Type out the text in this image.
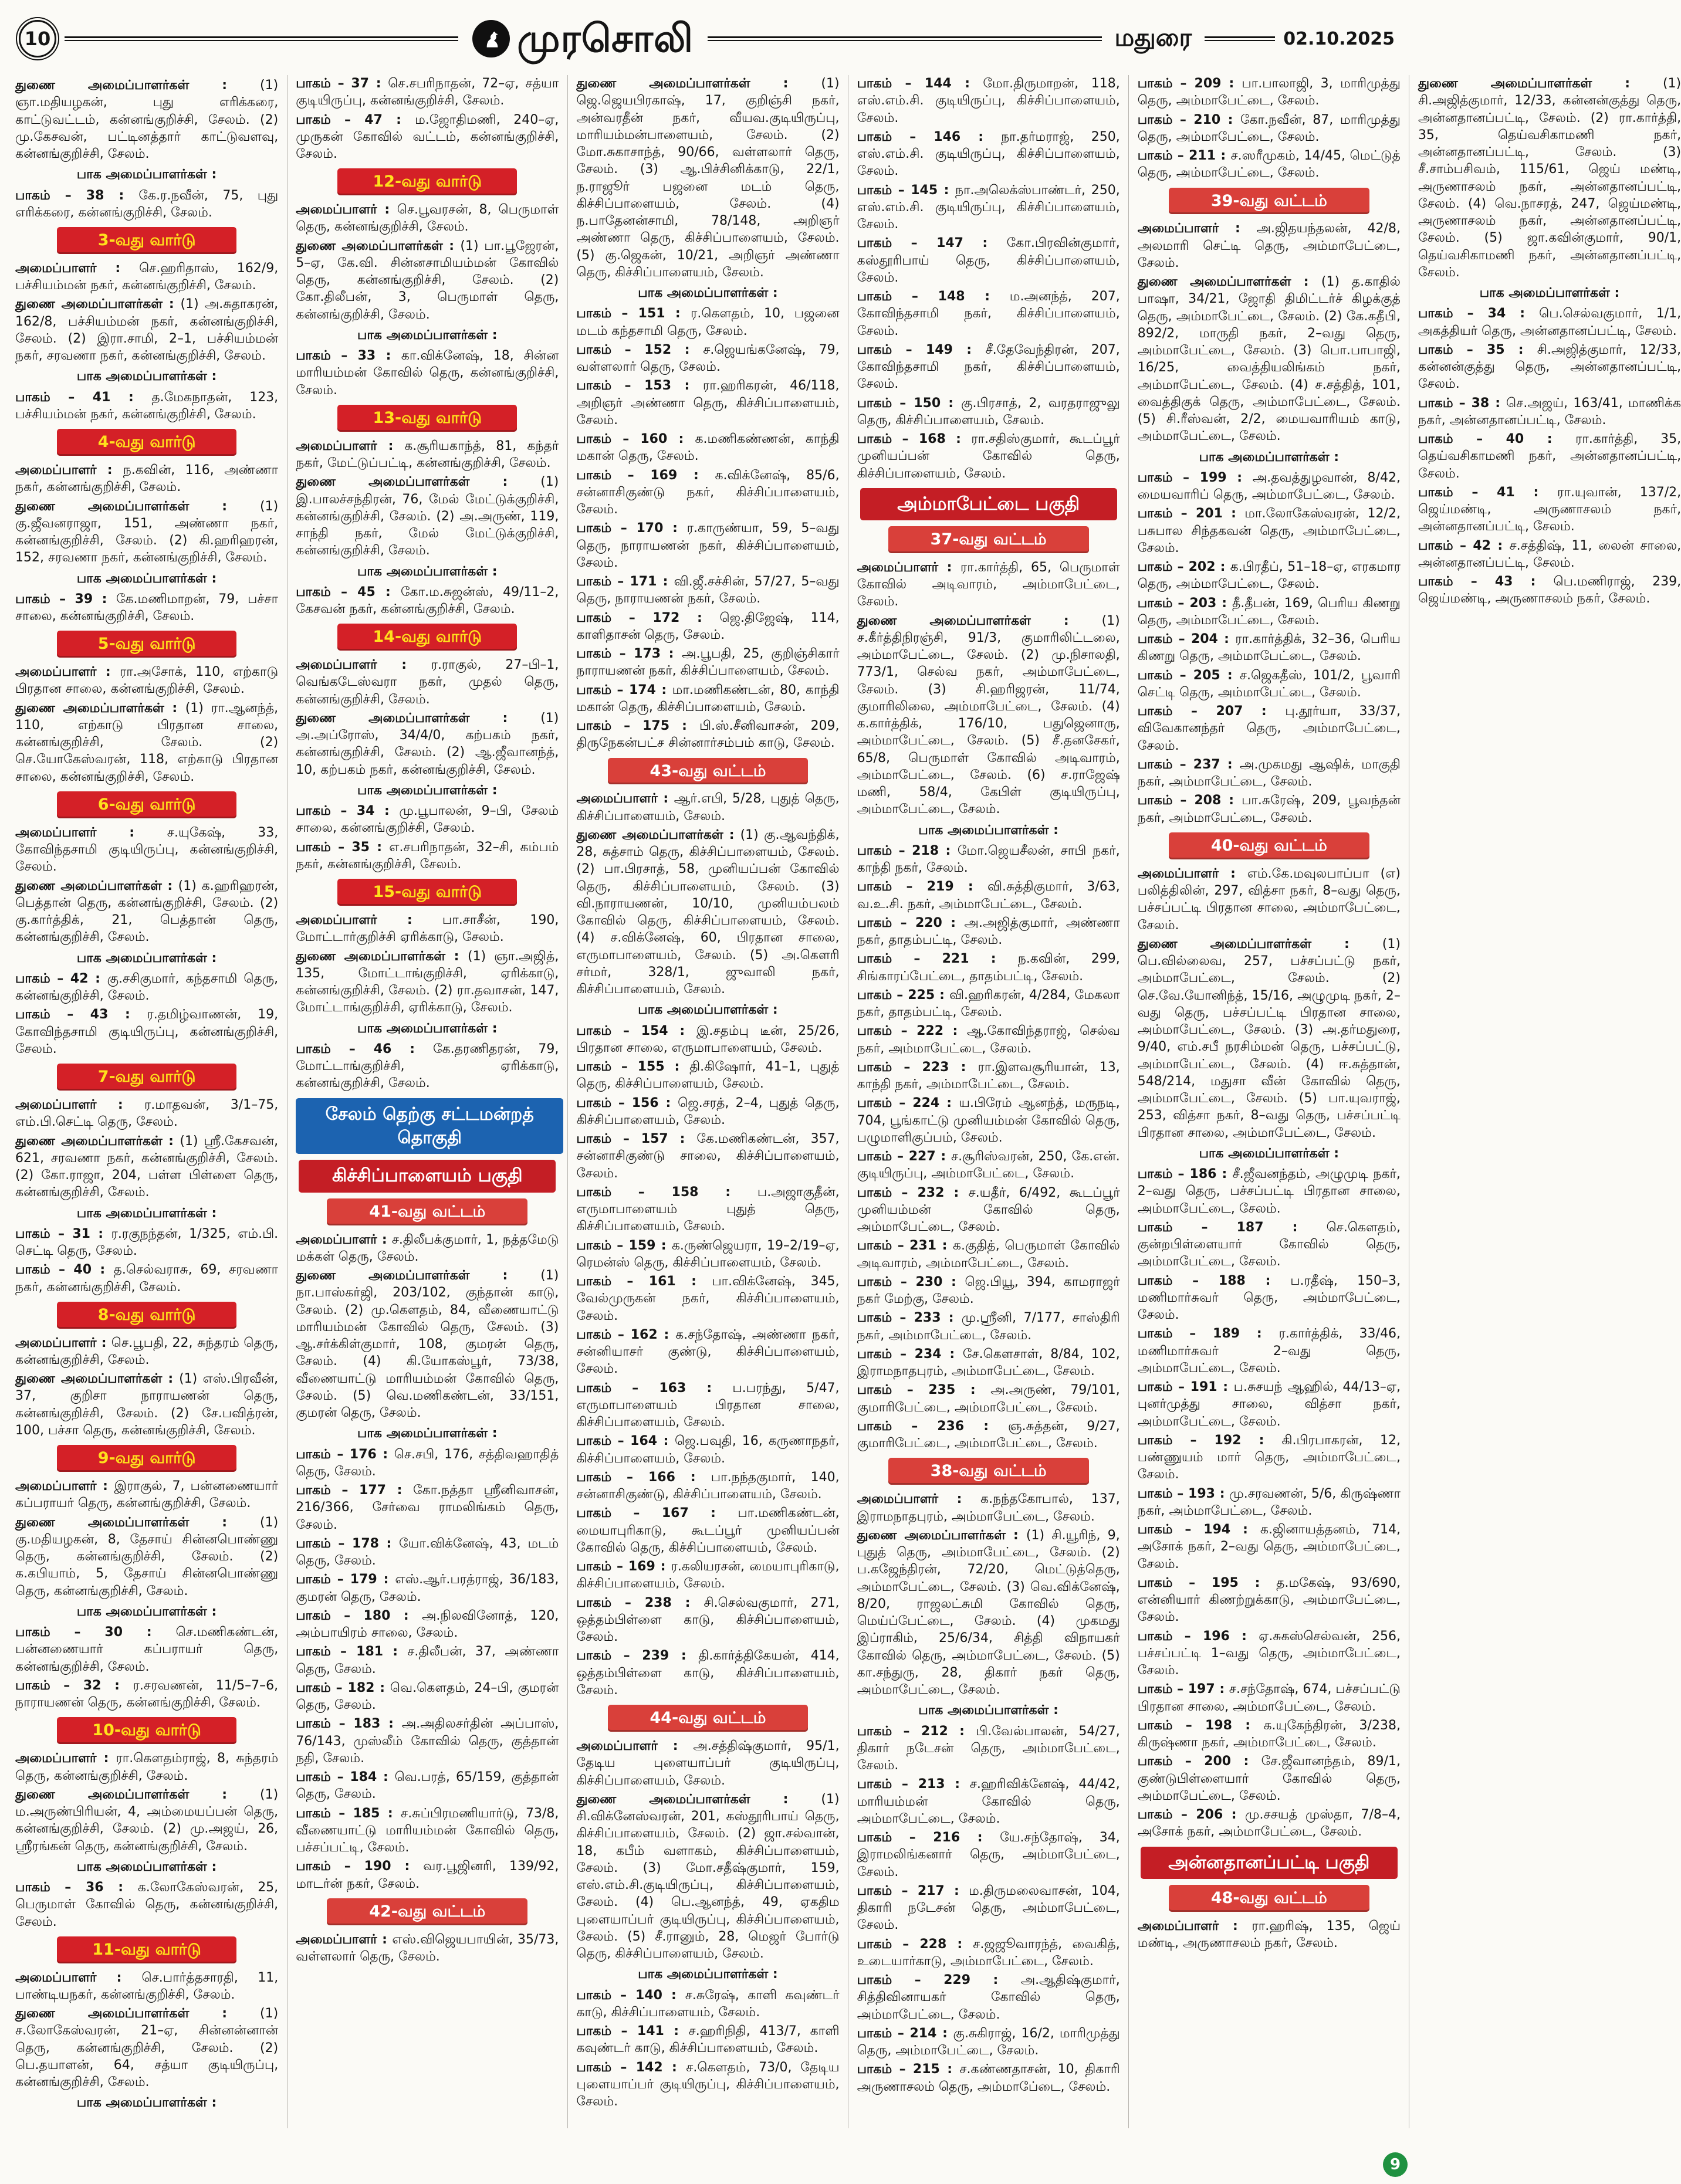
10	முரசொலி	மதுரை	02.10.2025
துணை அமைப்பாளர்கள் : (1) ஞா.மதியழகன், புது எரிக்கரை, காட்டுவட்டம், கன்னங்குறிச்சி, சேலம். (2) மு.கேசவன், பட்டினத்தார் காட்டுவளவு, கன்னங்குறிச்சி, சேலம்.
பாக அமைப்பாளர்கள் :
பாகம் – 38 : கே.ர.நவீன், 75, புது எரிக்கரை, கன்னங்குறிச்சி, சேலம்.
3-வது வார்டு
அமைப்பாளர் : செ.ஹரிதாஸ், 162/9, பச்சியம்மன் நகர், கன்னங்குறிச்சி, சேலம்.
துணை அமைப்பாளர்கள் : (1) அ.சுதாகரன், 162/8, பச்சியம்மன் நகர், கன்னங்குறிச்சி, சேலம். (2) இரா.சாமி, 2–1, பச்சியம்மன் நகர், சரவணா நகர், கன்னங்குறிச்சி, சேலம்.
பாக அமைப்பாளர்கள் :
பாகம் – 41 : த.மேகநாதன், 123, பச்சியம்மன் நகர், கன்னங்குறிச்சி, சேலம்.
4-வது வார்டு
அமைப்பாளர் : ந.கவின், 116, அண்ணா நகர், கன்னங்குறிச்சி, சேலம்.
துணை அமைப்பாளர்கள் : (1) கு.ஜீவனராஜா, 151, அண்ணா நகர், கன்னங்குறிச்சி, சேலம். (2) கி.ஹரிஹரன், 152, சரவணா நகர், கன்னங்குறிச்சி, சேலம்.
பாக அமைப்பாளர்கள் :
பாகம் – 39 : கே.மணிமாறன், 79, பச்சா சாலை, கன்னங்குறிச்சி, சேலம்.
5-வது வார்டு
அமைப்பாளர் : ரா.அசோக், 110, எற்காடு பிரதான சாலை, கன்னங்குறிச்சி, சேலம்.
துணை அமைப்பாளர்கள் : (1) ரா.ஆனந்த், 110, எற்காடு பிரதான சாலை, கன்னங்குறிச்சி, சேலம். (2) செ.யோகேஸ்வரன், 118, எற்காடு பிரதான சாலை, கன்னங்குறிச்சி, சேலம்.
6-வது வார்டு
அமைப்பாளர் : ச.யுகேஷ், 33, கோவிந்தசாமி குடியிருப்பு, கன்னங்குறிச்சி, சேலம்.
துணை அமைப்பாளர்கள் : (1) க.ஹரிஹரன், பெத்தான் தெரு, கன்னங்குறிச்சி, சேலம். (2) கு.கார்த்திக், 21, பெத்தான் தெரு, கன்னங்குறிச்சி, சேலம்.
பாக அமைப்பாளர்கள் :
பாகம் – 42 : கு.சசிகுமார், கந்தசாமி தெரு, கன்னங்குறிச்சி, சேலம்.
பாகம் – 43 : ர.தமிழ்வாணன், 19, கோவிந்தசாமி குடியிருப்பு, கன்னங்குறிச்சி, சேலம்.
7-வது வார்டு
அமைப்பாளர் : ர.மாதவன், 3/1–75, எம்.பி.செட்டி தெரு, சேலம்.
துணை அமைப்பாளர்கள் : (1) ஸ்ரீ.கேசவன், 621, சரவணா நகர், கன்னங்குறிச்சி, சேலம். (2) கோ.ராஜா, 204, பள்ள பிள்ளை தெரு, கன்னங்குறிச்சி, சேலம்.
பாக அமைப்பாளர்கள் :
பாகம் – 31 : ர.ரகுநந்தன், 1/325, எம்.பி. செட்டி தெரு, சேலம்.
பாகம் – 40 : த.செல்வராசு, 69, சரவணா நகர், கன்னங்குறிச்சி, சேலம்.
8-வது வார்டு
அமைப்பாளர் : செ.பூபதி, 22, சுந்தரம் தெரு, கன்னங்குறிச்சி, சேலம்.
துணை அமைப்பாளர்கள் : (1) எஸ்.பிரவீன், 37, குறிசா நாராயணன் தெரு, கன்னங்குறிச்சி, சேலம். (2) சே.பவித்ரன், 100, பச்சா தெரு, கன்னங்குறிச்சி, சேலம்.
9-வது வார்டு
அமைப்பாளர் : இராகுல், 7, பன்னணையார் கப்பராயர் தெரு, கன்னங்குறிச்சி, சேலம்.
துணை அமைப்பாளர்கள் : (1) கு.மதியழகன், 8, தேசாய் சின்னபொண்ணு தெரு, கன்னங்குறிச்சி, சேலம். (2) க.கபியாம், 5, தேசாய் சின்னபொண்ணு தெரு, கன்னங்குறிச்சி, சேலம்.
பாக அமைப்பாளர்கள் :
பாகம் – 30 : செ.மணிகண்டன், பன்னணையார் கப்பராயர் தெரு, கன்னங்குறிச்சி, சேலம்.
பாகம் – 32 : ர.சரவணன், 11/5–7–6, நாராயணன் தெரு, கன்னங்குறிச்சி, சேலம்.
10-வது வார்டு
அமைப்பாளர் : ரா.கௌதம்ராஜ், 8, சுந்தரம் தெரு, கன்னங்குறிச்சி, சேலம்.
துணை அமைப்பாளர்கள் : (1) ம.அருண்பிரியன், 4, அம்மையப்பன் தெரு, கன்னங்குறிச்சி, சேலம். (2) மு.அஜய், 26, ஸ்ரீரங்கன் தெரு, கன்னங்குறிச்சி, சேலம்.
பாக அமைப்பாளர்கள் :
பாகம் – 36 : க.லோகேஸ்வரன், 25, பெருமாள் கோவில் தெரு, கன்னங்குறிச்சி, சேலம்.
11-வது வார்டு
அமைப்பாளர் : செ.பார்த்தசாரதி, 11, பாண்டியநகர், கன்னங்குறிச்சி, சேலம்.
துணை அமைப்பாளர்கள் : (1) ச.லோகேஸ்வரன், 21–ஏ, சின்னன்னான் தெரு, கன்னங்குறிச்சி, சேலம். (2) பெ.தயாளன், 64, சத்யா குடியிருப்பு, கன்னங்குறிச்சி, சேலம்.
பாக அமைப்பாளர்கள் :
பாகம் – 37 : செ.சபரிநாதன், 72–ஏ, சத்யா குடியிருப்பு, கன்னங்குறிச்சி, சேலம்.
பாகம் – 47 : ம.ஜோதிமணி, 240–ஏ, முருகன் கோவில் வட்டம், கன்னங்குறிச்சி, சேலம்.
12-வது வார்டு
அமைப்பாளர் : செ.பூவரசன், 8, பெருமாள் தெரு, கன்னங்குறிச்சி, சேலம்.
துணை அமைப்பாளர்கள் : (1) பா.பூஜேரன், 5–ஏ, கே.வி. சின்னசாமியம்மன் கோவில் தெரு, கன்னங்குறிச்சி, சேலம். (2) கோ.திலீபன், 3, பெருமாள் தெரு, கன்னங்குறிச்சி, சேலம்.
பாக அமைப்பாளர்கள் :
பாகம் – 33 : கா.விக்னேஷ், 18, சின்ன மாரியம்மன் கோவில் தெரு, கன்னங்குறிச்சி, சேலம்.
13-வது வார்டு
அமைப்பாளர் : க.சூரியகாந்த், 81, கந்தர் நகர், மேட்டுப்பட்டி, கன்னங்குறிச்சி, சேலம்.
துணை அமைப்பாளர்கள் : (1) இ.பாலச்சந்திரன், 76, மேல் மேட்டுக்குறிச்சி, கன்னங்குறிச்சி, சேலம். (2) அ.அருண், 119, சாந்தி நகர், மேல் மேட்டுக்குறிச்சி, கன்னங்குறிச்சி, சேலம்.
பாக அமைப்பாளர்கள் :
பாகம் – 45 : கோ.ம.சுஜன்ஸ், 49/11–2, கேசவன் நகர், கன்னங்குறிச்சி, சேலம்.
14-வது வார்டு
அமைப்பாளர் : ர.ராகுல், 27–பி–1, வெங்கடேஸ்வரா நகர், முதல் தெரு, கன்னங்குறிச்சி, சேலம்.
துணை அமைப்பாளர்கள் : (1) அ.அப்ரோஸ், 34/4/0, கற்பகம் நகர், கன்னங்குறிச்சி, சேலம். (2) ஆ.ஜீவானந்த், 10, கற்பகம் நகர், கன்னங்குறிச்சி, சேலம்.
பாக அமைப்பாளர்கள் :
பாகம் – 34 : மு.பூபாலன், 9–பி, சேலம் சாலை, கன்னங்குறிச்சி, சேலம்.
பாகம் – 35 : எ.சபரிநாதன், 32–சி, கம்பம் நகர், கன்னங்குறிச்சி, சேலம்.
15-வது வார்டு
அமைப்பாளர் : பா.சாசீன், 190, மோட்டார்குறிச்சி ஏரிக்காடு, சேலம்.
துணை அமைப்பாளர்கள் : (1) ஞா.அஜித், 135, மோட்டாங்குறிச்சி, ஏரிக்காடு, கன்னங்குறிச்சி, சேலம். (2) ரா.தவாசன், 147, மோட்டாங்குறிச்சி, ஏரிக்காடு, சேலம்.
பாக அமைப்பாளர்கள் :
பாகம் – 46 : கே.தரணிதரன், 79, மோட்டாங்குறிச்சி, ஏரிக்காடு, கன்னங்குறிச்சி, சேலம்.
சேலம் தெற்கு சட்டமன்றத் தொகுதி
கிச்சிப்பாளையம் பகுதி
41-வது வட்டம்
அமைப்பாளர் : ச.திலீபக்குமார், 1, நத்தமேடு மக்கள் தெரு, சேலம்.
துணை அமைப்பாளர்கள் : (1) நா.பாஸ்கர்ஜி, 203/102, குந்தான் காடு, சேலம். (2) மு.கௌதம், 84, வீணையாட்டு மாரியம்மன் கோவில் தெரு, சேலம். (3) ஆ.சர்க்கிள்குமார், 108, குமரன் தெரு, சேலம். (4) கி.யோகஸ்பூர், 73/38, வீணையாட்டு மாரியம்மன் கோவில் தெரு, சேலம். (5) வெ.மணிகண்டன், 33/151, குமரன் தெரு, சேலம்.
பாக அமைப்பாளர்கள் :
பாகம் – 176 : செ.சபி, 176, சத்திவஹாதித் தெரு, சேலம்.
பாகம் – 177 : கோ.நத்தா ஸ்ரீனிவாசன், 216/366, சேர்வை ராமலிங்கம் தெரு, சேலம்.
பாகம் – 178 : யோ.விக்னேஷ், 43, மடம் தெரு, சேலம்.
பாகம் – 179 : எஸ்.ஆர்.பரத்ராஜ், 36/183, குமரன் தெரு, சேலம்.
பாகம் – 180 : அ.நிலவினோத், 120, அம்பாயிரம் சாலை, சேலம்.
பாகம் – 181 : ச.திலீபன், 37, அண்ணா தெரு, சேலம்.
பாகம் – 182 : வெ.கௌதம், 24–பி, குமரன் தெரு, சேலம்.
பாகம் – 183 : அ.அதிலசர்தின் அப்பாஸ், 76/143, முஸ்லீம் கோவில் தெரு, குத்தான் நதி, சேலம்.
பாகம் – 184 : வெ.பரத், 65/159, குத்தான் தெரு, சேலம்.
பாகம் – 185 : ச.சுப்பிரமணியார்டு, 73/8, வீணையாட்டு மாரியம்மன் கோவில் தெரு, பச்சப்பட்டி, சேலம்.
பாகம் – 190 : வர.பூஜினரி, 139/92, மாடர்ன் நகர், சேலம்.
42-வது வட்டம்
அமைப்பாளர் : எஸ்.விஜெயபாயின், 35/73, வள்ளலார் தெரு, சேலம்.
துணை அமைப்பாளர்கள் : (1) ஜெ.ஜெயபிரகாஷ், 17, குறிஞ்சி நகர், அன்வரதீன் நகர், வீயவ.குடியிருப்பு, மாரியம்மன்பாளையம், சேலம். (2) மோ.சுகாசாந்த், 90/66, வள்ளலார் தெரு, சேலம். (3) ஆ.பிச்சினிக்காடு, 22/1, ந.ராஜூர் பஜனை மடம் தெரு, கிச்சிப்பாளையம், சேலம். (4) ந.பாதேனன்சாமி, 78/148, அறிஞர் அண்ணா தெரு, கிச்சிப்பாளையம், சேலம். (5) கு.ஜெகன், 10/21, அறிஞர் அண்ணா தெரு, கிச்சிப்பாளையம், சேலம்.
பாக அமைப்பாளர்கள் :
பாகம் – 151 : ர.கௌதம், 10, பஜனை மடம் கந்தசாமி தெரு, சேலம்.
பாகம் – 152 : ச.ஜெயங்கனேஷ், 79, வள்ளலார் தெரு, சேலம்.
பாகம் – 153 : ரா.ஹரிகரன், 46/118, அறிஞர் அண்ணா தெரு, கிச்சிப்பாளையம், சேலம்.
பாகம் – 160 : க.மணிகண்ணன், காந்தி மகான் தெரு, சேலம்.
பாகம் – 169 : க.விக்னேஷ், 85/6, சன்னாசிகுண்டு நகர், கிச்சிப்பாளையம், சேலம்.
பாகம் – 170 : ர.காருண்யா, 59, 5–வது தெரு, நாராயணன் நகர், கிச்சிப்பாளையம், சேலம்.
பாகம் – 171 : வி.ஜீ.சச்சின், 57/27, 5–வது தெரு, நாராயணன் நகர், சேலம்.
பாகம் – 172 : ஜெ.திஜேஷ், 114, காளிதாசன் தெரு, சேலம்.
பாகம் – 173 : அ.பூபதி, 25, குறிஞ்சிகார் நாராயணன் நகர், கிச்சிப்பாளையம், சேலம்.
பாகம் – 174 : மா.மணிகண்டன், 80, காந்தி மகான் தெரு, கிச்சிப்பாளையம், சேலம்.
பாகம் – 175 : பி.ஸ்.சீனிவாசன், 209, திருநேகன்பட்ச சின்னார்சம்பம் காடு, சேலம்.
43-வது வட்டம்
அமைப்பாளர் : ஆர்.எபி, 5/28, புதுத் தெரு, கிச்சிப்பாளையம், சேலம்.
துணை அமைப்பாளர்கள் : (1) கு.ஆவந்திக், 28, சுத்சாம் தெரு, கிச்சிப்பாளையம், சேலம். (2) பா.பிரசாத், 58, முனியப்பன் கோவில் தெரு, கிச்சிப்பாளையம், சேலம். (3) வி.நாராயணன், 10/10, முனியம்பலம் கோவில் தெரு, கிச்சிப்பாளையம், சேலம். (4) ச.விக்னேஷ், 60, பிரதான சாலை, எருமாபாளையம், சேலம். (5) அ.கெளரி சர்மர், 328/1, ஜுவாலி நகர், கிச்சிப்பாளையம், சேலம்.
பாக அமைப்பாளர்கள் :
பாகம் – 154 : இ.சதம்பு டீன், 25/26, பிரதான சாலை, எருமாபாளையம், சேலம்.
பாகம் – 155 : தி.கிஷோர், 41–1, புதுத் தெரு, கிச்சிப்பாளையம், சேலம்.
பாகம் – 156 : ஜெ.சரத், 2–4, புதுத் தெரு, கிச்சிப்பாளையம், சேலம்.
பாகம் – 157 : கே.மணிகண்டன், 357, சன்னாசிகுண்டு சாலை, கிச்சிப்பாளையம், சேலம்.
பாகம் – 158 : ப.அஜாகுதீன், எருமாபாளையம் புதுத் தெரு, கிச்சிப்பாளையம், சேலம்.
பாகம் – 159 : க.ருண்ஜெயரா, 19–2/19–ஏ, ரெமன்ஸ் தெரு, கிச்சிப்பாளையம், சேலம்.
பாகம் – 161 : பா.விக்னேஷ், 345, வேல்முருகன் நகர், கிச்சிப்பாளையம், சேலம்.
பாகம் – 162 : க.சந்தோஷ், அண்ணா நகர், சன்னியாசர் குண்டு, கிச்சிப்பாளையம், சேலம்.
பாகம் – 163 : ப.பரந்து, 5/47, எருமாபாளையம் பிரதான சாலை, கிச்சிப்பாளையம், சேலம்.
பாகம் – 164 : ஜெ.பவுதி, 16, கருணாநதர், கிச்சிப்பாளையம், சேலம்.
பாகம் – 166 : பா.நந்தகுமார், 140, சன்னாசிகுண்டு, கிச்சிப்பாளையம், சேலம்.
பாகம் – 167 : பா.மணிகண்டன், மையாபுரிகாடு, கூடப்பூர் முனியப்பன் கோவில் தெரு, கிச்சிப்பாளையம், சேலம்.
பாகம் – 169 : ர.கலியரசன், மையாபுரிகாடு, கிச்சிப்பாளையம், சேலம்.
பாகம் – 238 : சி.செல்வகுமார், 271, ஒத்தம்பிள்ளை காடு, கிச்சிப்பாளையம், சேலம்.
பாகம் – 239 : தி.கார்த்திகேயன், 414, ஒத்தம்பிள்ளை காடு, கிச்சிப்பாளையம், சேலம்.
44-வது வட்டம்
அமைப்பாளர் : அ.சத்திஷ்குமார், 95/1, தேடிய புளையாப்பர் குடியிருப்பு, கிச்சிப்பாளையம், சேலம்.
துணை அமைப்பாளர்கள் : (1) சி.விக்னேஸ்வரன், 201, கஸ்தூரிபாய் தெரு, கிச்சிப்பாளையம், சேலம். (2) ஜா.சல்வான், 18, கபீம் வளாகம், கிச்சிப்பாளையம், சேலம். (3) மோ.சதீஷ்குமார், 159, எஸ்.எம்.சி.குடியிருப்பு, கிச்சிப்பாளையம், சேலம். (4) பெ.ஆனந்த், 49, ஏகதிம புளையாப்பர் குடியிருப்பு, கிச்சிப்பாளையம், சேலம். (5) சீ.ரானும், 28, மெஜர் போர்டு தெரு, கிச்சிப்பாளையம், சேலம்.
பாக அமைப்பாளர்கள் :
பாகம் – 140 : ச.சுரேஷ், காளி கவுண்டர் காடு, கிச்சிப்பாளையம், சேலம்.
பாகம் – 141 : ச.ஹரிநிதி, 413/7, காளி கவுண்டர் காடு, கிச்சிப்பாளையம், சேலம்.
பாகம் – 142 : ச.கௌதம், 73/0, தேடிய புளையாப்பர் குடியிருப்பு, கிச்சிப்பாளையம், சேலம்.
பாகம் – 144 : மோ.திருமாறன், 118, எஸ்.எம்.சி. குடியிருப்பு, கிச்சிப்பாளையம், சேலம்.
பாகம் – 146 : நா.தர்மராஜ், 250, எஸ்.எம்.சி. குடியிருப்பு, கிச்சிப்பாளையம், சேலம்.
பாகம் – 145 : நா.அலெக்ஸ்பாண்டர், 250, எஸ்.எம்.சி. குடியிருப்பு, கிச்சிப்பாளையம், சேலம்.
பாகம் – 147 : கோ.பிரவின்குமார், கஸ்தூரிபாய் தெரு, கிச்சிப்பாளையம், சேலம்.
பாகம் – 148 : ம.அனந்த், 207, கோவிந்தசாமி நகர், கிச்சிப்பாளையம், சேலம்.
பாகம் – 149 : சீ.தேவேந்திரன், 207, கோவிந்தசாமி நகர், கிச்சிப்பாளையம், சேலம்.
பாகம் – 150 : கு.பிரசாத், 2, வரதராஜுலு தெரு, கிச்சிப்பாளையம், சேலம்.
பாகம் – 168 : ரா.சதிஸ்குமார், கூடப்பூர் முனியப்பன் கோவில் தெரு, கிச்சிப்பாளையம், சேலம்.
அம்மாபேட்டை பகுதி
37-வது வட்டம்
அமைப்பாளர் : ரா.கார்த்தி, 65, பெருமாள் கோவில் அடிவாரம், அம்மாபேட்டை, சேலம்.
துணை அமைப்பாளர்கள் : (1) ச.கீர்த்திநிரஞ்சி, 91/3, குமாரிலிட்டலை, அம்மாபேட்டை, சேலம். (2) மு.நிசாலதி, 773/1, செல்வ நகர், அம்மாபேட்டை, சேலம். (3) சி.ஹரிஜரன், 11/74, குமாரிலிலை, அம்மாபேட்டை, சேலம். (4) க.கார்த்திக், 176/10, பதுஜெனாரு, அம்மாபேட்டை, சேலம். (5) சீ.தனசேகர், 65/8, பெருமாள் கோவில் அடிவாரம், அம்மாபேட்டை, சேலம். (6) ச.ராஜேஷ் மணி, 58/4, கேபிள் குடியிருப்பு, அம்மாபேட்டை, சேலம்.
பாக அமைப்பாளர்கள் :
பாகம் – 218 : மோ.ஜெயசீலன், சாபி நகர், காந்தி நகர், சேலம்.
பாகம் – 219 : வி.சுத்திகுமார், 3/63, வ.உ.சி. நகர், அம்மாபேட்டை, சேலம்.
பாகம் – 220 : அ.அஜித்குமார், அண்ணா நகர், தாதம்பட்டி, சேலம்.
பாகம் – 221 : ந.கவின், 299, சிங்காரப்பேட்டை, தாதம்பட்டி, சேலம்.
பாகம் – 225 : வி.ஹரிகரன், 4/284, மேகலா நகர், தாதம்பட்டி, சேலம்.
பாகம் – 222 : ஆ.கோவிந்தராஜ், செல்வ நகர், அம்மாபேட்டை, சேலம்.
பாகம் – 223 : ரா.இளவசூரியான், 13, காந்தி நகர், அம்மாபேட்டை, சேலம்.
பாகம் – 224 : ய.பிரேம் ஆனந்த், மருநடி, 704, பூங்காட்டு முனியம்மன் கோவில் தெரு, பழுமாளிகுப்பம், சேலம்.
பாகம் – 227 : ச.சூரிஸ்வரன், 250, கே.என். குடியிருப்பு, அம்மாபேட்டை, சேலம்.
பாகம் – 232 : ச.யதீர், 6/492, கூடப்பூர் முனியம்மன் கோவில் தெரு, அம்மாபேட்டை, சேலம்.
பாகம் – 231 : க.குதித், பெருமாள் கோவில் அடிவாரம், அம்மாபேட்டை, சேலம்.
பாகம் – 230 : ஜெ.பியூ, 394, காமராஜர் நகர் மேற்கு, சேலம்.
பாகம் – 233 : மு.ஸ்ரீனி, 7/177, சாஸ்திரி நகர், அம்மாபேட்டை, சேலம்.
பாகம் – 234 : சே.கௌசாள், 8/84, 102, இராமநாதபுரம், அம்மாபேட்டை, சேலம்.
பாகம் – 235 : அ.அருண், 79/101, குமாரிபேட்டை, அம்மாபேட்டை, சேலம்.
பாகம் – 236 : ஞ.சுத்தன், 9/27, குமாரிபேட்டை, அம்மாபேட்டை, சேலம்.
38-வது வட்டம்
அமைப்பாளர் : க.நந்தகோபால், 137, இராமநாதபுரம், அம்மாபேட்டை, சேலம்.
துணை அமைப்பாளர்கள் : (1) சி.யூரிந், 9, புதுத் தெரு, அம்மாபேட்டை, சேலம். (2) ப.கஜேந்திரன், 72/20, மெட்டுத்தெரு, அம்மாபேட்டை, சேலம். (3) வெ.விக்னேஷ், 8/20, ராஜலட்சுமி கோவில் தெரு, மெய்ப்பேட்டை, சேலம். (4) முகமது இப்ராகிம், 25/6/34, சித்தி விநாயகர் கோவில் தெரு, அம்மாபேட்டை, சேலம். (5) கா.சந்துரு, 28, திகார் நகர் தெரு, அம்மாபேட்டை, சேலம்.
பாக அமைப்பாளர்கள் :
பாகம் – 212 : பி.வேல்பாலன், 54/27, திகார் நடேசன் தெரு, அம்மாபேட்டை, சேலம்.
பாகம் – 213 : ச.ஹரிவிக்னேஷ், 44/42, மாரியம்மன் கோவில் தெரு, அம்மாபேட்டை, சேலம்.
பாகம் – 216 : யே.சந்தோஷ், 34, இராமலிங்கனார் தெரு, அம்மாபேட்டை, சேலம்.
பாகம் – 217 : ம.திருமலைவாசன், 104, திகாரி நடேசன் தெரு, அம்மாபேட்டை, சேலம்.
பாகம் – 228 : ச.ஜஜூவாரந்த், வைகித், உடையார்காடு, அம்மாபேட்டை, சேலம்.
பாகம் – 229 : அ.ஆதிஷ்குமார், சித்திவினாயகர் கோவில் தெரு, அம்மாபேட்டை, சேலம்.
பாகம் – 214 : கு.சுகிராஜ், 16/2, மாரிமுத்து தெரு, அம்மாபேட்டை, சேலம்.
பாகம் – 215 : ச.கண்ணதாசன், 10, திகாரி அருணாசலம் தெரு, அம்மாபே்டை, சேலம்.
பாகம் – 209 : பா.பாலாஜி, 3, மாரிமுத்து தெரு, அம்மாபேட்டை, சேலம்.
பாகம் – 210 : கோ.நவீன், 87, மாரிமுத்து தெரு, அம்மாபேட்டை, சேலம்.
பாகம் – 211 : ச.ஸரீமுகம், 14/45, மெட்டுத் தெரு, அம்மாபேட்டை, சேலம்.
39-வது வட்டம்
அமைப்பாளர் : அ.ஜிதயந்தலன், 42/8, அலமாரி செட்டி தெரு, அம்மாபேட்டை, சேலம்.
துணை அமைப்பாளர்கள் : (1) த.காதில் பாஷா, 34/21, ஜோதி திமிட்டர்ச் கிழக்குத் தெரு, அம்மாபேட்டை, சேலம். (2) கே.கதீபி, 892/2, மாருதி நகர், 2–வது தெரு, அம்மாபேட்டை, சேலம். (3) பொ.பாபாஜி, 16/25, வைத்தியலிங்கம் நகர், அம்மாபேட்டை, சேலம். (4) ச.சத்தித், 101, வைத்திகுக் தெரு, அம்மாபேட்டை, சேலம். (5) சி.ரீஸ்வன், 2/2, மையவாரியம் காடு, அம்மாபேட்டை, சேலம்.
பாக அமைப்பாளர்கள் :
பாகம் – 199 : அ.தவத்துழவான், 8/42, மையவாரிப் தெரு, அம்மாபேட்டை, சேலம்.
பாகம் – 201 : மா.லோகேஸ்வரன், 12/2, பசுபால சிந்தகவன் தெரு, அம்மாபேட்டை, சேலம்.
பாகம் – 202 : க.பிரதீப், 51–18–ஏ, எரகமார தெரு, அம்மாபேட்டை, சேலம்.
பாகம் – 203 : தீ.தீபன், 169, பெரிய கிணறு தெரு, அம்மாபேட்டை, சேலம்.
பாகம் – 204 : ரா.கார்த்திக், 32–36, பெரிய கிணறு தெரு, அம்மாபேட்டை, சேலம்.
பாகம் – 205 : ச.ஜெகதீஸ், 101/2, பூவாரி செட்டி தெரு, அம்மாபேட்டை, சேலம்.
பாகம் – 207 : பு.தூர்யா, 33/37, விவேகானந்தர் தெரு, அம்மாபேட்டை, சேலம்.
பாகம் – 237 : அ.முகமது ஆஷிக், மாகுதி நகர், அம்மாபேட்டை, சேலம்.
பாகம் – 208 : பா.சுரேஷ், 209, பூவந்தன் நகர், அம்மாபேட்டை, சேலம்.
40-வது வட்டம்
அமைப்பாளர் : எம்.கே.மவுலபாப்பா (எ) பலித்திலின், 297, வித்சா நகர், 8–வது தெரு, பச்சப்பட்டி பிரதான சாலை, அம்மாபேட்டை, சேலம்.
துணை அமைப்பாளர்கள் : (1) பெ.வில்லைவ, 257, பச்சப்பட்டு நகர், அம்மாபேட்டை, சேலம். (2) செ.வே.யோனிந்த், 15/16, அழுமுடி நகர், 2–வது தெரு, பச்சப்பட்டி பிரதான சாலை, அம்மாபேட்டை, சேலம். (3) அ.தர்மதுரை, 9/40, எம்.சபீ நரசிம்மன் தெரு, பச்சப்பட்டு, அம்மாபேட்டை, சேலம். (4) ஈ.சுத்தான், 548/214, மதுசா வீன் கோவில் தெரு, அம்மாபேட்டை, சேலம். (5) பா.யுவராஜ், 253, வித்சா நகர், 8–வது தெரு, பச்சப்பட்டி பிரதான சாலை, அம்மாபேட்டை, சேலம்.
பாக அமைப்பாளர்கள் :
பாகம் – 186 : சீ.ஜீவனந்தம், அழுமுடி நகர், 2–வது தெரு, பச்சப்பட்டி பிரதான சாலை, அம்மாபேட்டை, சேலம்.
பாகம் – 187 : செ.கௌதம், குன்றபிள்ளையார் கோவில் தெரு, அம்மாபேட்டை, சேலம்.
பாகம் – 188 : ப.ரதீஷ், 150–3, மணிமார்சுவர் தெரு, அம்மாபேட்டை, சேலம்.
பாகம் – 189 : ர.கார்த்திக், 33/46, மணிமார்சுவர் 2–வது தெரு, அம்மாபேட்டை, சேலம்.
பாகம் – 191 : ப.சுசயந் ஆஹில், 44/13–ஏ, புனர்முத்து சாலை, வித்சா நகர், அம்மாபேட்டை, சேலம்.
பாகம் – 192 : கி.பிரபாகரன், 12, பண்ணுயம் மார் தெரு, அம்மாபேட்டை, சேலம்.
பாகம் – 193 : மு.சரவணன், 5/6, கிருஷ்ணா நகர், அம்மாபேட்டை, சேலம்.
பாகம் – 194 : க.ஜினாயத்தனம், 714, அசோக் நகர், 2–வது தெரு, அம்மாபேட்டை, சேலம்.
பாகம் – 195 : த.மகேஷ், 93/690, என்னியார் கிணற்றுக்காடு, அம்மாபேட்டை, சேலம்.
பாகம் – 196 : ஏ.சுகஸ்செல்வன், 256, பச்சப்பட்டி 1–வது தெரு, அம்மாபேட்டை, சேலம்.
பாகம் – 197 : ச.சந்தோஷ், 674, பச்சப்பட்டு பிரதான சாலை, அம்மாபேட்டை, சேலம்.
பாகம் – 198 : க.யுகேந்திரன், 3/238, கிருஷ்ணா நகர், அம்மாபேட்டை, சேலம்.
பாகம் – 200 : சே.ஜீவானந்தம், 89/1, குண்டுபிள்ளையார் கோவில் தெரு, அம்மாபேட்டை, சேலம்.
பாகம் – 206 : மு.சசயத் முஸ்தா, 7/8–4, அசோக் நகர், அம்மாபேட்டை, சேலம்.
அன்னதானப்பட்டி பகுதி
48-வது வட்டம்
அமைப்பாளர் : ரா.ஹரிஷ், 135, ஜெய் மண்டி, அருணாசலம் நகர், சேலம்.
துணை அமைப்பாளர்கள் : (1) சி.அஜித்குமார், 12/33, கன்னன்குத்து தெரு, அன்னதானப்பட்டி, சேலம். (2) ரா.கார்த்தி, 35, தெய்வசிகாமணி நகர், அன்னதானப்பட்டி, சேலம். (3) சீ.சாம்பசிவம், 115/61, ஜெய் மண்டி, அருணாசலம் நகர், அன்னதானப்பட்டி, சேலம். (4) வெ.நாசரத், 247, ஜெய்மண்டி, அருணாசலம் நகர், அன்னதானப்பட்டி, சேலம். (5) ஜா.கவின்குமார், 90/1, தெய்வசிகாமணி நகர், அன்னதானப்பட்டி, சேலம்.
பாக அமைப்பாளர்கள் :
பாகம் – 34 : பெ.செல்வகுமார், 1/1, அகத்தியர் தெரு, அன்னதானப்பட்டி, சேலம்.
பாகம் – 35 : சி.அஜித்குமார், 12/33, கன்னன்குத்து தெரு, அன்னதானப்பட்டி, சேலம்.
பாகம் – 38 : செ.அஜய், 163/41, மாணிக்க நகர், அன்னதானப்பட்டி, சேலம்.
பாகம் – 40 : ரா.கார்த்தி, 35, தெய்வசிகாமணி நகர், அன்னதானப்பட்டி, சேலம்.
பாகம் – 41 : ரா.யுவான், 137/2, ஜெய்மண்டி, அருணாசலம் நகர், அன்னதானப்பட்டி, சேலம்.
பாகம் – 42 : ச.சத்திஷ், 11, லைன் சாலை, அன்னதானப்பட்டி, சேலம்.
பாகம் – 43 : பெ.மணிராஜ், 239, ஜெய்மண்டி, அருணாசலம் நகர், சேலம்.
9
